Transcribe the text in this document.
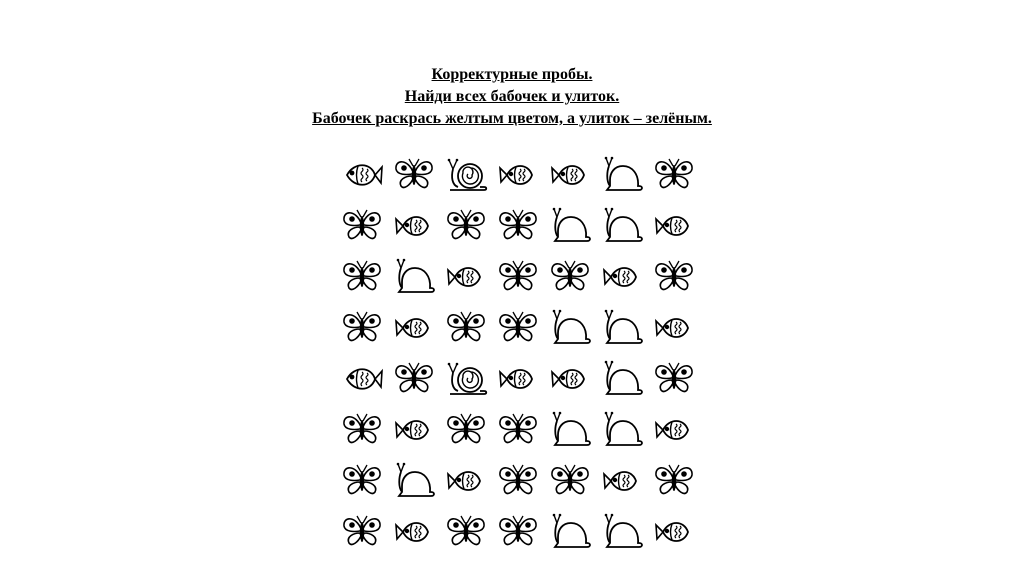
Корректурные пробы.
Найди всех бабочек и улиток.
Бабочек раскрась желтым цветом, а улиток – зелёным.
